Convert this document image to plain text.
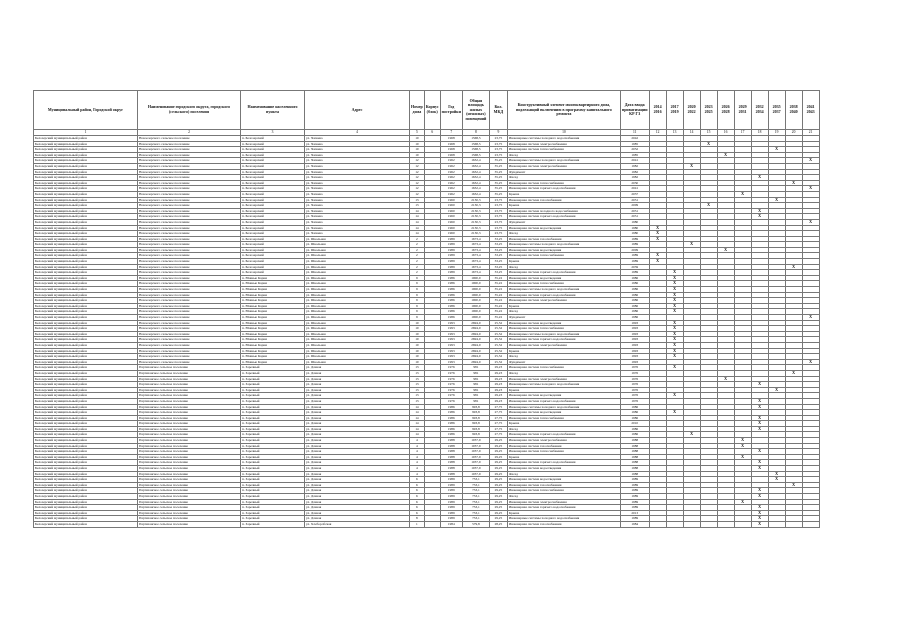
Муниципальный район, Городской округ	Наименование городского округа, городского (сельского) поселения	Наименование населенного пункта	Адрес	Номер дома	Корпус (блок)	Год постройки	Общая площадь жилых (нежилых) помещений	Кол. МКД	Конструктивный элемент многоквартирного дома, подлежащий включению в программу капитального ремонта	Дата ввода приватизации КР ГЗ	2014 2016	2017 2019	2020 2022	2023 2025	2026 2028	2029 2031	2032 2034	2035 2037	2038 2040	2041 2043
1	2	3	4	5	6	7	8	9	10	11	12	13	14	15	16	17	18	19	20	21
Белозерский муниципальный район	Новоозерского сельское поселение	п. Белозерский	ул. Чапаева	10		1968	1568,5	23,75	Инженерные системы холодного водоснабжения	2042										
Белозерский муниципальный район	Новоозерского сельское поселение	п. Белозерский	ул. Чапаева	10		1968	1568,5	23,75	Инженерная система электроснабжения	1985				X						
Белозерский муниципальный район	Новоозерского сельское поселение	п. Белозерский	ул. Чапаева	10		1968	1568,5	23,75	Инженерная система теплоснабжения	2032								X		
Белозерский муниципальный район	Новоозерского сельское поселение	п. Белозерский	ул. Чапаева	10		1968	1568,5	23,75	Фасад	1985					X					
Белозерский муниципальный район	Новоозерского сельское поселение	п. Белозерский	ул. Чапаева	12		1962	1632,4	35,25	Инженерные системы холодного водоснабжения	2041										X
Белозерский муниципальный район	Новоозерского сельское поселение	п. Белозерский	ул. Чапаева	12		1962	1632,4	35,25	Инженерная система электроснабжения	1982			X							
Белозерский муниципальный район	Новоозерского сельское поселение	п. Белозерский	ул. Чапаева	12		1962	1632,4	35,25	Фундамент	1982										
Белозерский муниципальный район	Новоозерского сельское поселение	п. Белозерский	ул. Чапаева	12		1962	1632,4	35,25	Фасад	1982							X			
Белозерский муниципальный район	Новоозерского сельское поселение	п. Белозерский	ул. Чапаева	12		1962	1632,4	35,25	Инженерная система теплоснабжения	2030									X	
Белозерский муниципальный район	Новоозерского сельское поселение	п. Белозерский	ул. Чапаева	12		1962	1632,4	35,25	Инженерная система горячего водоснабжения	2041										X
Белозерский муниципальный район	Новоозерского сельское поселение	п. Белозерский	ул. Чапаева	12		1962	1632,4	35,25	Крыша	2037						X				
Белозерский муниципальный район	Новоозерского сельское поселение	п. Белозерский	ул. Чапаева	13		1960	2130,3	23,75	Инженерная система газоснабжения	2031								X		
Белозерский муниципальный район	Новоозерского сельское поселение	п. Белозерский	ул. Чапаева	13		1960	2130,3	23,75	Крыша	2009				X						
Белозерский муниципальный район	Новоозерского сельское поселение	п. Белозерский	ул. Чапаева	14		1960	2130,3	23,75	Инженерная система холодного водоснабжения	2031							X			
Белозерский муниципальный район	Новоозерского сельское поселение	п. Белозерский	ул. Чапаева	14		1960	2130,3	23,75	Инженерная система горячего водоснабжения	2031							X			
Белозерский муниципальный район	Новоозерского сельское поселение	п. Белозерский	ул. Чапаева	14		1960	2130,3	23,75	Фундамент	1980										X
Белозерский муниципальный район	Новоозерского сельское поселение	п. Белозерский	ул. Чапаева	14		1960	2130,3	23,75	Инженерная система водоотведения	1980	X									
Белозерский муниципальный район	Новоозерского сельское поселение	п. Белозерский	ул. Чапаева	14		1960	2130,3	23,75	Фасад	1980	X									
Белозерский муниципальный район	Новоозерского сельское поселение	п. Белозерский	ул. Школьная	2		1989	1673,4	33,25	Инженерная система газоснабжения	1989	X									
Белозерский муниципальный район	Новоозерского сельское поселение	п. Белозерский	ул. Школьная	2		1989	1673,4	33,25	Инженерные системы холодного водоснабжения	1989			X							
Белозерский муниципальный район	Новоозерского сельское поселение	п. Белозерский	ул. Школьная	2		1989	1673,4	33,25	Инженерная система водоотведения	2009					X					
Белозерский муниципальный район	Новоозерского сельское поселение	п. Белозерский	ул. Школьная	2		1989	1673,4	33,25	Инженерная система теплоснабжения	1989	X									
Белозерский муниципальный район	Новоозерского сельское поселение	п. Белозерский	ул. Школьная	2		1989	1673,4	33,25	Крыша	1989	X									
Белозерский муниципальный район	Новоозерского сельское поселение	п. Белозерский	ул. Школьная	2		1989	1673,4	33,25	Фасад	2039									X	
Белозерский муниципальный район	Новоозерского сельское поселение	п. Белозерский	ул. Школьная	2		1989	1673,4	33,25	Инженерная система горячего водоснабжения	1989		X								
Белозерский муниципальный район	Новоозерского сельское поселение	п. Южные Корни	ул. Школьная	9		1986	1900,0	35,22	Инженерная система водоотведения	1986		X								
Белозерский муниципальный район	Новоозерского сельское поселение	п. Южные Корни	ул. Школьная	9		1986	1900,0	35,22	Инженерная система теплоснабжения	1986		X								
Белозерский муниципальный район	Новоозерского сельское поселение	п. Южные Корни	ул. Школьная	9		1986	1900,0	35,22	Инженерные системы холодного водоснабжения	1986		X								
Белозерский муниципальный район	Новоозерского сельское поселение	п. Южные Корни	ул. Школьная	9		1986	1900,0	35,22	Инженерная система горячего водоснабжения	1986		X								
Белозерский муниципальный район	Новоозерского сельское поселение	п. Южные Корни	ул. Школьная	9		1986	1900,0	35,22	Инженерная система электроснабжения	1986		X								
Белозерский муниципальный район	Новоозерского сельское поселение	п. Южные Корни	ул. Школьная	9		1986	1900,0	35,22	Крыша	1986		X								
Белозерский муниципальный район	Новоозерского сельское поселение	п. Южные Корни	ул. Школьная	9		1986	1900,0	35,22	Фасад	1986		X								
Белозерский муниципальный район	Новоозерского сельское поселение	п. Южные Корни	ул. Школьная	9		1986	1900,0	35,22	Фундамент	1986										X
Белозерский муниципальный район	Новоозерского сельское поселение	п. Южные Корни	ул. Школьная	10		1993	2694,0	25,32	Инженерная система водоотведения	1993		X								
Белозерский муниципальный район	Новоозерского сельское поселение	п. Южные Корни	ул. Школьная	10		1993	2694,0	25,32	Инженерная система теплоснабжения	1993		X								
Белозерский муниципальный район	Новоозерского сельское поселение	п. Южные Корни	ул. Школьная	10		1993	2694,0	25,32	Инженерные системы холодного водоснабжения	1993		X								
Белозерский муниципальный район	Новоозерского сельское поселение	п. Южные Корни	ул. Школьная	10		1993	2694,0	25,32	Инженерная система горячего водоснабжения	1993		X								
Белозерский муниципальный район	Новоозерского сельское поселение	п. Южные Корни	ул. Школьная	10		1993	2694,0	25,32	Инженерная система электроснабжения	1993		X								
Белозерский муниципальный район	Новоозерского сельское поселение	п. Южные Корни	ул. Школьная	10		1993	2694,0	25,32	Крыша	1993		X								
Белозерский муниципальный район	Новоозерского сельское поселение	п. Южные Корни	ул. Школьная	10		1993	2694,0	25,32	Фасад	1993		X								
Белозерский муниципальный район	Новоозерского сельское поселение	п. Южные Корни	ул. Школьная	10		1993	2694,0	25,32	Фундамент	1993										X
Белозерский муниципальный район	Партизанское сельское поселение	п. Заречный	ул. Дачная	13		1976	981	29,23	Инженерная система теплоснабжения	1976		X								
Белозерский муниципальный район	Партизанское сельское поселение	п. Заречный	ул. Дачная	13		1976	981	29,23	Фасад	1976									X	
Белозерский муниципальный район	Партизанское сельское поселение	п. Заречный	ул. Дачная	13		1976	981	29,23	Инженерная система электроснабжения	1976					X					
Белозерский муниципальный район	Партизанское сельское поселение	п. Заречный	ул. Дачная	13		1976	981	29,23	Инженерные системы холодного водоснабжения	1976							X			
Белозерский муниципальный район	Партизанское сельское поселение	п. Заречный	ул. Дачная	13		1976	981	29,23	Крыша	1976								X		
Белозерский муниципальный район	Партизанское сельское поселение	п. Заречный	ул. Дачная	13		1976	981	29,23	Инженерная система водоотведения	1976		X								
Белозерский муниципальный район	Партизанское сельское поселение	п. Заречный	ул. Дачная	13		1976	981	29,23	Инженерная система горячего водоснабжения	1976							X			
Белозерский муниципальный район	Партизанское сельское поселение	п. Заречный	ул. Дачная	14		1986	993,8	27,75	Инженерные системы холодного водоснабжения	1986							X			
Белозерский муниципальный район	Партизанское сельское поселение	п. Заречный	ул. Дачная	14		1986	993,8	27,75	Инженерная система водоотведения	1986		X								
Белозерский муниципальный район	Партизанское сельское поселение	п. Заречный	ул. Дачная	14		1986	993,8	27,75	Инженерная система теплоснабжения	1986							X			
Белозерский муниципальный район	Партизанское сельское поселение	п. Заречный	ул. Дачная	14		1986	993,8	27,75	Крыша	2010							X			
Белозерский муниципальный район	Партизанское сельское поселение	п. Заречный	ул. Дачная	14		1986	993,8	27,75	Фасад	1986							X			
Белозерский муниципальный район	Партизанское сельское поселение	п. Заречный	ул. Дачная	14		1986	993,8	27,75	Инженерная система горячего водоснабжения	1986			X							
Белозерский муниципальный район	Партизанское сельское поселение	п. Заречный	ул. Дачная	4		1988	1037,9	29,25	Инженерная система электроснабжения	1988						X				
Белозерский муниципальный район	Партизанское сельское поселение	п. Заречный	ул. Дачная	4		1988	1037,9	29,25	Инженерная система газоснабжения	1988						X				
Белозерский муниципальный район	Партизанское сельское поселение	п. Заречный	ул. Дачная	4		1988	1037,9	29,25	Инженерная система теплоснабжения	1988							X			
Белозерский муниципальный район	Партизанское сельское поселение	п. Заречный	ул. Дачная	4		1988	1037,9	29,25	Крыша	1988						X				
Белозерский муниципальный район	Партизанское сельское поселение	п. Заречный	ул. Дачная	4		1988	1037,9	29,25	Инженерная система горячего водоснабжения	1988							X			
Белозерский муниципальный район	Партизанское сельское поселение	п. Заречный	ул. Дачная	4		1988	1037,9	29,25	Инженерная система водоотведения	1988							X			
Белозерский муниципальный район	Партизанское сельское поселение	п. Заречный	ул. Дачная	4		1988	1037,9	29,25	Фасад	1988								X		
Белозерский муниципальный район	Партизанское сельское поселение	п. Заречный	ул. Дачная	6		1989	733,1	29,25	Инженерная система водоотведения	1989								X		
Белозерский муниципальный район	Партизанское сельское поселение	п. Заречный	ул. Дачная	6		1989	733,1	29,25	Инженерная система газоснабжения	1989									X	
Белозерский муниципальный район	Партизанское сельское поселение	п. Заречный	ул. Дачная	6		1989	733,1	29,25	Инженерная система теплоснабжения	1989							X			
Белозерский муниципальный район	Партизанское сельское поселение	п. Заречный	ул. Дачная	6		1989	733,1	29,25	Фасад	1989							X			
Белозерский муниципальный район	Партизанское сельское поселение	п. Заречный	ул. Дачная	6		1989	733,1	29,25	Инженерная система электроснабжения	1989						X				
Белозерский муниципальный район	Партизанское сельское поселение	п. Заречный	ул. Дачная	6		1989	733,1	29,25	Инженерная система горячего водоснабжения	1989							X			
Белозерский муниципальный район	Партизанское сельское поселение	п. Заречный	ул. Дачная	6		1989	733,1	29,25	Крыша	2013							X			
Белозерский муниципальный район	Партизанское сельское поселение	п. Заречный	ул. Дачная	8		1989	733,1	29,25	Инженерные системы холодного водоснабжения	1989							X			
Белозерский муниципальный район	Партизанское сельское поселение	п. Заречный	ул. Хлеборобская	1		1984	579,8	28,25	Инженерная система газоснабжения	1984							X			
